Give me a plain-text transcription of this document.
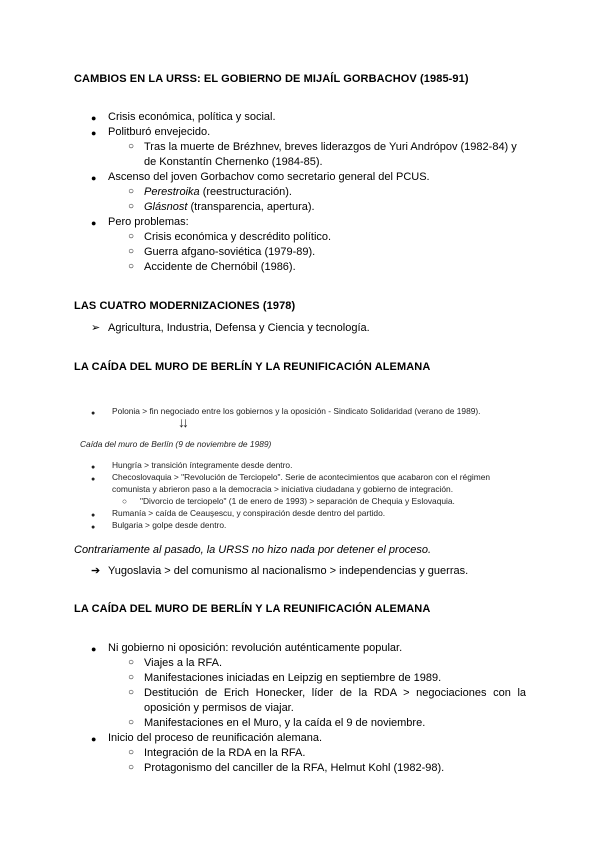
CAMBIOS EN LA URSS: EL GOBIERNO DE MIJAÍL GORBACHOV (1985-91)
● Crisis económica, política y social.
● Politburó envejecido.
○ Tras la muerte de Brézhnev, breves liderazgos de Yuri Andrópov (1982-84) y
de Konstantín Chernenko (1984-85).
● Ascenso del joven Gorbachov como secretario general del PCUS.
○ Perestroika (reestructuración).
○ Glásnost (transparencia, apertura).
● Pero problemas:
○ Crisis económica y descrédito político.
○ Guerra afgano-soviética (1979-89).
○ Accidente de Chernóbil (1986).
LAS CUATRO MODERNIZACIONES (1978)
➢ Agricultura, Industria, Defensa y Ciencia y tecnología.
LA CAÍDA DEL MURO DE BERLÍN Y LA REUNIFICACIÓN ALEMANA
● Polonia > fin negociado entre los gobiernos y la oposición - Sindicato Solidaridad (verano de 1989).
↓↓
Caída del muro de Berlín (9 de noviembre de 1989)
● Hungría > transición íntegramente desde dentro.
● Checoslovaquia > "Revolución de Terciopelo". Serie de acontecimientos que acabaron con el régimen
comunista y abrieron paso a la democracia > iniciativa ciudadana y gobierno de integración.
○ "Divorcio de terciopelo" (1 de enero de 1993) > separación de Chequia y Eslovaquia.
● Rumanía > caída de Ceaușescu, y conspiración desde dentro del partido.
● Bulgaria > golpe desde dentro.
Contrariamente al pasado, la URSS no hizo nada por detener el proceso.
➔ Yugoslavia > del comunismo al nacionalismo > independencias y guerras.
LA CAÍDA DEL MURO DE BERLÍN Y LA REUNIFICACIÓN ALEMANA
● Ni gobierno ni oposición: revolución auténticamente popular.
○ Viajes a la RFA.
○ Manifestaciones iniciadas en Leipzig en septiembre de 1989.
○ Destitución de Erich Honecker, líder de la RDA > negociaciones con la
oposición y permisos de viajar.
○ Manifestaciones en el Muro, y la caída el 9 de noviembre.
● Inicio del proceso de reunificación alemana.
○ Integración de la RDA en la RFA.
○ Protagonismo del canciller de la RFA, Helmut Kohl (1982-98).
